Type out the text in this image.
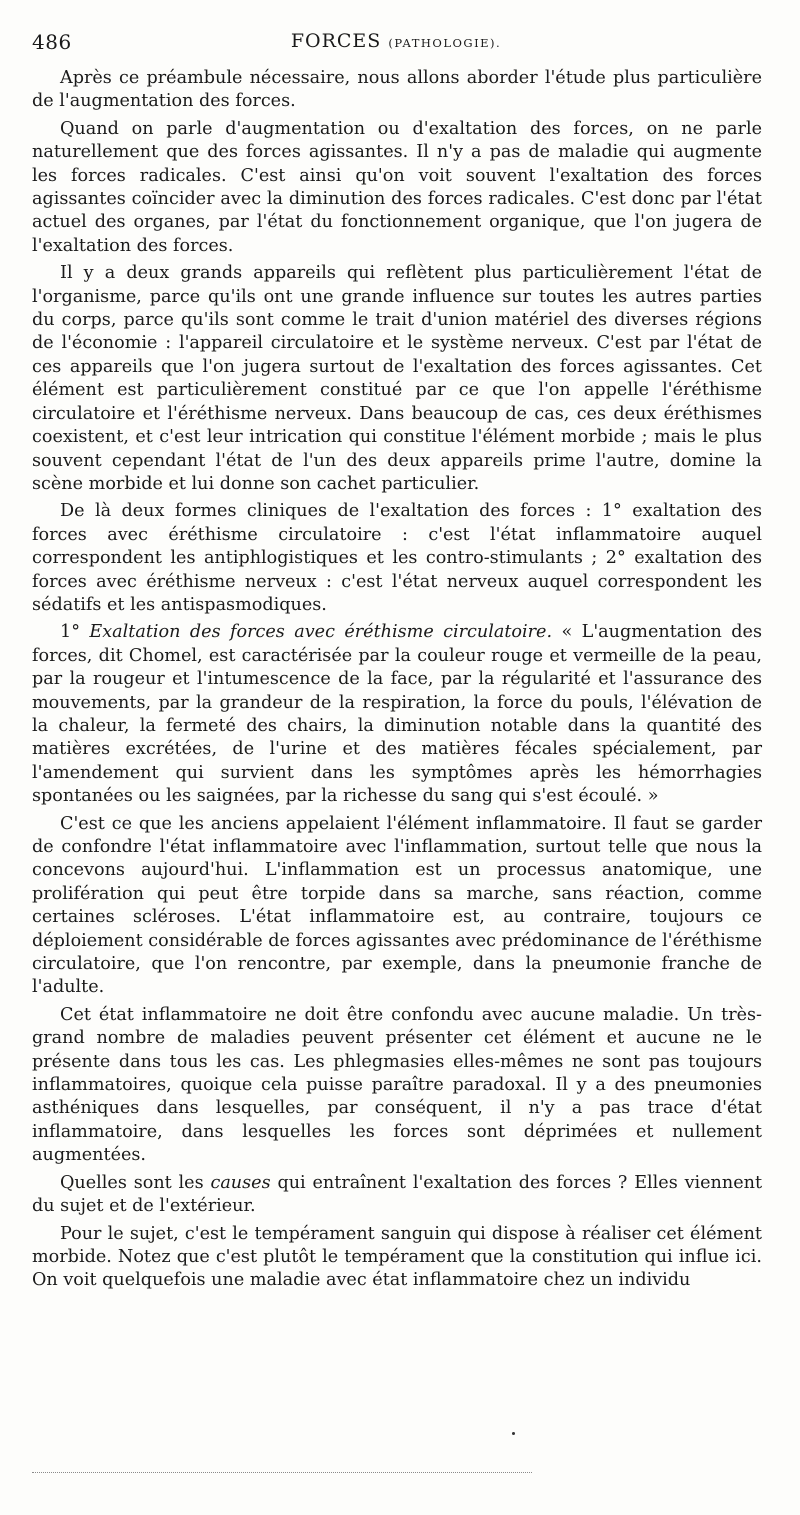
486	FORCES (PATHOLOGIE).

Après ce préambule nécessaire, nous allons aborder l'étude plus particulière de l'augmentation des forces.

Quand on parle d'augmentation ou d'exaltation des forces, on ne parle naturellement que des forces agissantes. Il n'y a pas de maladie qui augmente les forces radicales. C'est ainsi qu'on voit souvent l'exaltation des forces agissantes coïncider avec la diminution des forces radicales. C'est donc par l'état actuel des organes, par l'état du fonctionnement organique, que l'on jugera de l'exaltation des forces.

Il y a deux grands appareils qui reflètent plus particulièrement l'état de l'organisme, parce qu'ils ont une grande influence sur toutes les autres parties du corps, parce qu'ils sont comme le trait d'union matériel des diverses régions de l'économie : l'appareil circulatoire et le système nerveux. C'est par l'état de ces appareils que l'on jugera surtout de l'exaltation des forces agissantes. Cet élément est particulièrement constitué par ce que l'on appelle l'éréthisme circulatoire et l'éréthisme nerveux. Dans beaucoup de cas, ces deux éréthismes coexistent, et c'est leur intrication qui constitue l'élément morbide ; mais le plus souvent cependant l'état de l'un des deux appareils prime l'autre, domine la scène morbide et lui donne son cachet particulier.

De là deux formes cliniques de l'exaltation des forces : 1° exaltation des forces avec éréthisme circulatoire : c'est l'état inflammatoire auquel correspondent les antiphlogistiques et les contro-stimulants ; 2° exaltation des forces avec éréthisme nerveux : c'est l'état nerveux auquel correspondent les sédatifs et les antispasmodiques.

1° Exaltation des forces avec éréthisme circulatoire. « L'augmentation des forces, dit Chomel, est caractérisée par la couleur rouge et vermeille de la peau, par la rougeur et l'intumescence de la face, par la régularité et l'assurance des mouvements, par la grandeur de la respiration, la force du pouls, l'élévation de la chaleur, la fermeté des chairs, la diminution notable dans la quantité des matières excrétées, de l'urine et des matières fécales spécialement, par l'amendement qui survient dans les symptômes après les hémorrhagies spontanées ou les saignées, par la richesse du sang qui s'est écoulé. »

C'est ce que les anciens appelaient l'élément inflammatoire. Il faut se garder de confondre l'état inflammatoire avec l'inflammation, surtout telle que nous la concevons aujourd'hui. L'inflammation est un processus anatomique, une prolifération qui peut être torpide dans sa marche, sans réaction, comme certaines scléroses. L'état inflammatoire est, au contraire, toujours ce déploiement considérable de forces agissantes avec prédominance de l'éréthisme circulatoire, que l'on rencontre, par exemple, dans la pneumonie franche de l'adulte.

Cet état inflammatoire ne doit être confondu avec aucune maladie. Un très-grand nombre de maladies peuvent présenter cet élément et aucune ne le présente dans tous les cas. Les phlegmasies elles-mêmes ne sont pas toujours inflammatoires, quoique cela puisse paraître paradoxal. Il y a des pneumonies asthéniques dans lesquelles, par conséquent, il n'y a pas trace d'état inflammatoire, dans lesquelles les forces sont déprimées et nullement augmentées.

Quelles sont les causes qui entraînent l'exaltation des forces ? Elles viennent du sujet et de l'extérieur.

Pour le sujet, c'est le tempérament sanguin qui dispose à réaliser cet élément morbide. Notez que c'est plutôt le tempérament que la constitution qui influe ici. On voit quelquefois une maladie avec état inflammatoire chez un individu
